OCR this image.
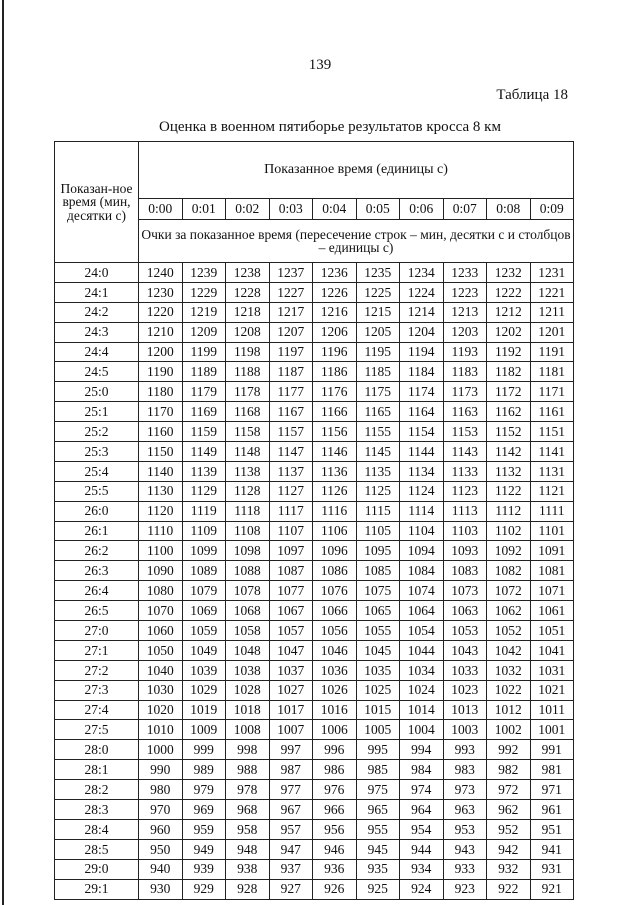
139
Таблица 18
Оценка в военном пятиборье результатов кросса 8 км
Показан-ное время (мин, десятки с)	Показанное время (единицы с)									
	0:00	0:01	0:02	0:03	0:04	0:05	0:06	0:07	0:08	0:09
	Очки за показанное время (пересечение строк – мин, десятки с и столбцов – единицы с)									
24:0	1240	1239	1238	1237	1236	1235	1234	1233	1232	1231
24:1	1230	1229	1228	1227	1226	1225	1224	1223	1222	1221
24:2	1220	1219	1218	1217	1216	1215	1214	1213	1212	1211
24:3	1210	1209	1208	1207	1206	1205	1204	1203	1202	1201
24:4	1200	1199	1198	1197	1196	1195	1194	1193	1192	1191
24:5	1190	1189	1188	1187	1186	1185	1184	1183	1182	1181
25:0	1180	1179	1178	1177	1176	1175	1174	1173	1172	1171
25:1	1170	1169	1168	1167	1166	1165	1164	1163	1162	1161
25:2	1160	1159	1158	1157	1156	1155	1154	1153	1152	1151
25:3	1150	1149	1148	1147	1146	1145	1144	1143	1142	1141
25:4	1140	1139	1138	1137	1136	1135	1134	1133	1132	1131
25:5	1130	1129	1128	1127	1126	1125	1124	1123	1122	1121
26:0	1120	1119	1118	1117	1116	1115	1114	1113	1112	1111
26:1	1110	1109	1108	1107	1106	1105	1104	1103	1102	1101
26:2	1100	1099	1098	1097	1096	1095	1094	1093	1092	1091
26:3	1090	1089	1088	1087	1086	1085	1084	1083	1082	1081
26:4	1080	1079	1078	1077	1076	1075	1074	1073	1072	1071
26:5	1070	1069	1068	1067	1066	1065	1064	1063	1062	1061
27:0	1060	1059	1058	1057	1056	1055	1054	1053	1052	1051
27:1	1050	1049	1048	1047	1046	1045	1044	1043	1042	1041
27:2	1040	1039	1038	1037	1036	1035	1034	1033	1032	1031
27:3	1030	1029	1028	1027	1026	1025	1024	1023	1022	1021
27:4	1020	1019	1018	1017	1016	1015	1014	1013	1012	1011
27:5	1010	1009	1008	1007	1006	1005	1004	1003	1002	1001
28:0	1000	999	998	997	996	995	994	993	992	991
28:1	990	989	988	987	986	985	984	983	982	981
28:2	980	979	978	977	976	975	974	973	972	971
28:3	970	969	968	967	966	965	964	963	962	961
28:4	960	959	958	957	956	955	954	953	952	951
28:5	950	949	948	947	946	945	944	943	942	941
29:0	940	939	938	937	936	935	934	933	932	931
29:1	930	929	928	927	926	925	924	923	922	921
